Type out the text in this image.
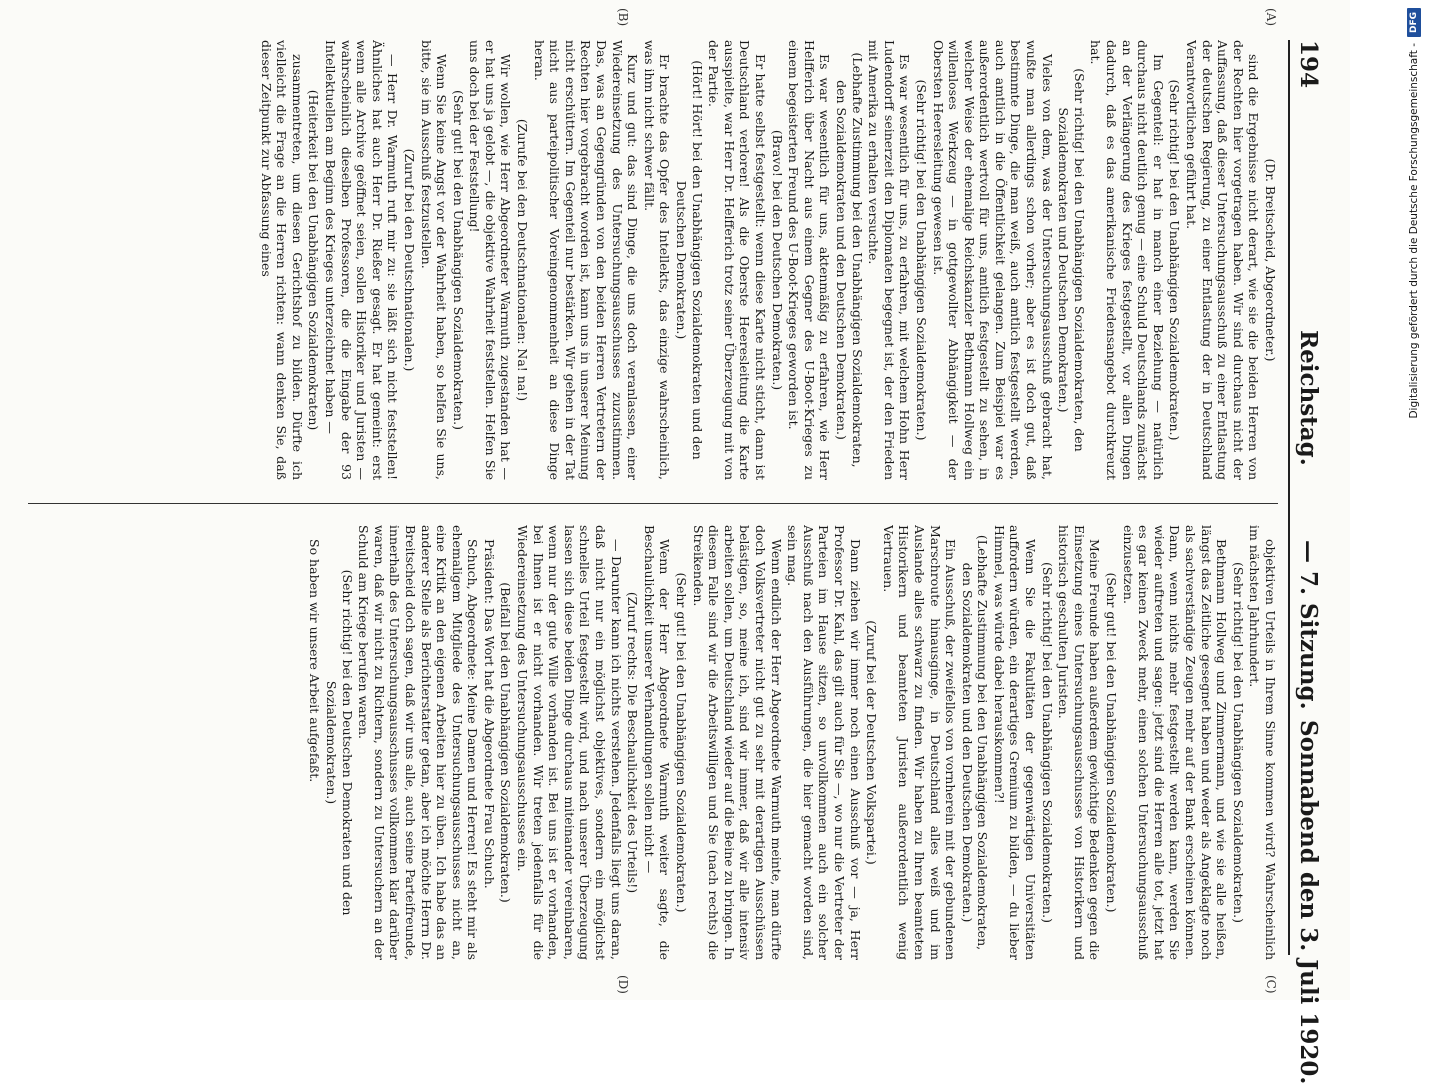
194
Reichstag.
— 7. Sitzung.
Sonnabend den 3. Juli 1920.
(A)
(B)
(C)
(D)

(Dr. Breitscheid, Abgeordneter.)

sind die Ergebnisse nicht derart, wie sie die beiden Herren von der Rechten hier vorgetragen haben. Wir sind durchaus nicht der Auffassung, daß dieser Untersuchungsausschuß zu einer Entlastung der deutschen Regierung, zu einer Entlastung der in Deutschland Verantwortlichen geführt hat.

(Sehr richtig! bei den Unabhängigen Sozialdemokraten.)

Im Gegenteil: er hat in manch einer Beziehung — natürlich durchaus nicht deutlich genug — eine Schuld Deutschlands zunächst an der Verlängerung des Krieges festgestellt, vor allen Dingen dadurch, daß es das amerikanische Friedensangebot durchkreuzt hat.

(Sehr richtig! bei den Unabhängigen Sozialdemokraten, den Sozialdemokraten und Deutschen Demokraten.)

Vieles von dem, was der Untersuchungsausschuß gebracht hat, wußte man allerdings schon vorher; aber es ist doch gut, daß bestimmte Dinge, die man weiß, auch amtlich festgestellt werden, auch amtlich in die Öffentlichkeit gelangen. Zum Beispiel war es außerordentlich wertvoll für uns, amtlich festgestellt zu sehen, in welcher Weise der ehemalige Reichskanzler Bethmann Hollweg ein willenloses Werkzeug — in gottgewollter Abhängigkeit — der Obersten Heeresleitung gewesen ist.

(Sehr richtig! bei den Unabhängigen Sozialdemokraten.)

Es war wesentlich für uns, zu erfahren, mit welchem Hohn Herr Ludendorff seinerzeit den Diplomaten begegnet ist, der den Frieden mit Amerika zu erhalten versuchte.

(Lebhafte Zustimmung bei den Unabhängigen Sozialdemokraten, den Sozialdemokraten und den Deutschen Demokraten.)

Es war wesentlich für uns, aktenmäßig zu erfahren, wie Herr Helfferich über Nacht aus einem Gegner des U-Boot-Krieges zu einem begeisterten Freund des U-Boot-Krieges geworden ist.

(Bravo! bei den Deutschen Demokraten.)

Er hatte selbst festgestellt: wenn diese Karte nicht sticht, dann ist Deutschland verloren! Als die Oberste Heeresleitung die Karte ausspielte, war Herr Dr. Helfferich trotz seiner Überzeugung mit von der Partie.

(Hört! Hört! bei den Unabhängigen Sozialdemokraten und den Deutschen Demokraten.)

Er brachte das Opfer des Intellekts, das einzige wahrscheinlich, was ihm nicht schwer fällt.

Kurz und gut: das sind Dinge, die uns doch veranlassen, einer Wiedereinsetzung des Untersuchungsausschusses zuzustimmen. Das, was an Gegengründen von den beiden Herren Vertretern der Rechten hier vorgebracht worden ist, kann uns in unserer Meinung nicht erschüttern. Im Gegenteil nur bestärken. Wir gehen in der Tat nicht aus parteipolitischer Voreingenommenheit an diese Dinge heran.

(Zurufe bei den Deutschnationalen: Na! na!)

Wir wollen, wie Herr Abgeordneter Warmuth zugestanden hat — er hat uns ja gelobt —, die objektive Wahrheit feststellen. Helfen Sie uns doch bei der Feststellung!

(Sehr gut! bei den Unabhängigen Sozialdemokraten.)

Wenn Sie keine Angst vor der Wahrheit haben, so helfen Sie uns, bitte, sie im Ausschuß festzustellen.

(Zuruf bei den Deutschnationalen.)

— Herr Dr. Warmuth ruft mir zu: sie läßt sich nicht feststellen! Ähnliches hat auch Herr Dr. Rießer gesagt. Er hat gemeint: erst wenn alle Archive geöffnet seien, sollen Historiker und Juristen — wahrscheinlich dieselben Professoren, die die Eingabe der 93 Intellektuellen am Beginn des Krieges unterzeichnet haben —

(Heiterkeit bei den Unabhängigen Sozialdemokraten)

zusammentreten, um diesen Gerichtshof zu bilden. Dürfte ich vielleicht die Frage an die Herren richten: wann denken Sie, daß dieser Zeitpunkt zur Abfassung eines

objektiven Urteils in Ihrem Sinne kommen wird? Wahrscheinlich im nächsten Jahrhundert.

(Sehr richtig! bei den Unabhängigen Sozialdemokraten.)

Bethmann Hollweg und Zimmermann, und wie sie alle heißen, längst das Zeitliche gesegnet haben und weder als Angeklagte noch als sachverständige Zeugen mehr auf der Bank erscheinen können. Dann, wenn nichts mehr festgestellt werden kann, werden Sie wieder auftreten und sagen: jetzt sind die Herren alle tot, jetzt hat es gar keinen Zweck mehr, einen solchen Untersuchungsausschuß einzusetzen.

(Sehr gut! bei den Unabhängigen Sozialdemokraten.)

Meine Freunde haben außerdem gewichtige Bedenken gegen die Einsetzung eines Untersuchungsausschusses von Historikern und historisch geschulten Juristen.

(Sehr richtig! bei den Unabhängigen Sozialdemokraten.)

Wenn Sie die Fakultäten der gegenwärtigen Universitäten auffordern würden, ein derartiges Gremium zu bilden, — du lieber Himmel, was würde dabei herauskommen?!

(Lebhafte Zustimmung bei den Unabhängigen Sozialdemokraten, den Sozialdemokraten und den Deutschen Demokraten.)

Ein Ausschuß, der zweifellos von vornherein mit der gebundenen Marschroute hinausginge, in Deutschland alles weiß und im Auslande alles schwarz zu finden. Wir haben zu Ihren beamteten Historikern und beamteten Juristen außerordentlich wenig Vertrauen.

(Zuruf bei der Deutschen Volkspartei.)

Dann ziehen wir immer noch einen Ausschuß vor — ja, Herr Professor Dr. Kahl, das gilt auch für Sie —, wo nur die Vertreter der Parteien im Hause sitzen, so unvollkommen auch ein solcher Ausschuß nach den Ausführungen, die hier gemacht worden sind, sein mag.

Wenn endlich der Herr Abgeordnete Warmuth meinte, man dürfte doch Volksvertreter nicht gut zu sehr mit derartigen Ausschüssen belästigen, so, meine ich, sind wir immer, daß wir alle intensiv arbeiten sollen, um Deutschland wieder auf die Beine zu bringen. In diesem Falle sind wir die Arbeitswilligen und Sie (nach rechts) die Streikenden.

(Sehr gut! bei den Unabhängigen Sozialdemokraten.)

Wenn der Herr Abgeordnete Warmuth weiter sagte, die Beschaulichkeit unserer Verhandlungen sollen nicht —

(Zuruf rechts: Die Beschaulichkeit des Urteils!)

— Darunter kann ich nichts verstehen. Jedenfalls liegt uns daran, daß nicht nur ein möglichst objektives, sondern ein möglichst schnelles Urteil festgestellt wird, und nach unserer Überzeugung lassen sich diese beiden Dinge durchaus miteinander vereinbaren, wenn nur der gute Wille vorhanden ist. Bei uns ist er vorhanden, bei Ihnen ist er nicht vorhanden. Wir treten jedenfalls für die Wiedereinsetzung des Untersuchungsausschusses ein.

(Beifall bei den Unabhängigen Sozialdemokraten.)

Präsident: Das Wort hat die Abgeordnete Frau Schuch.

Schuch, Abgeordnete: Meine Damen und Herren! Es steht mir als ehemaligem Mitgliede des Untersuchungsausschusses nicht an, eine Kritik an den eigenen Arbeiten hier zu üben. Ich habe das an anderer Stelle als Berichterstatter getan, aber ich möchte Herrn Dr. Breitscheid doch sagen, daß wir uns alle, auch seine Parteifreunde, innerhalb des Untersuchungsausschusses vollkommen klar darüber waren, daß wir nicht zu Richtern, sondern zu Untersuchern an der Schuld am Kriege berufen waren.

(Sehr richtig! bei den Deutschen Demokraten und den Sozialdemokraten.)

So haben wir unsere Arbeit aufgefaßt.

Digitalisierung gefördert durch die Deutsche Forschungsgemeinschaft -
DFG
